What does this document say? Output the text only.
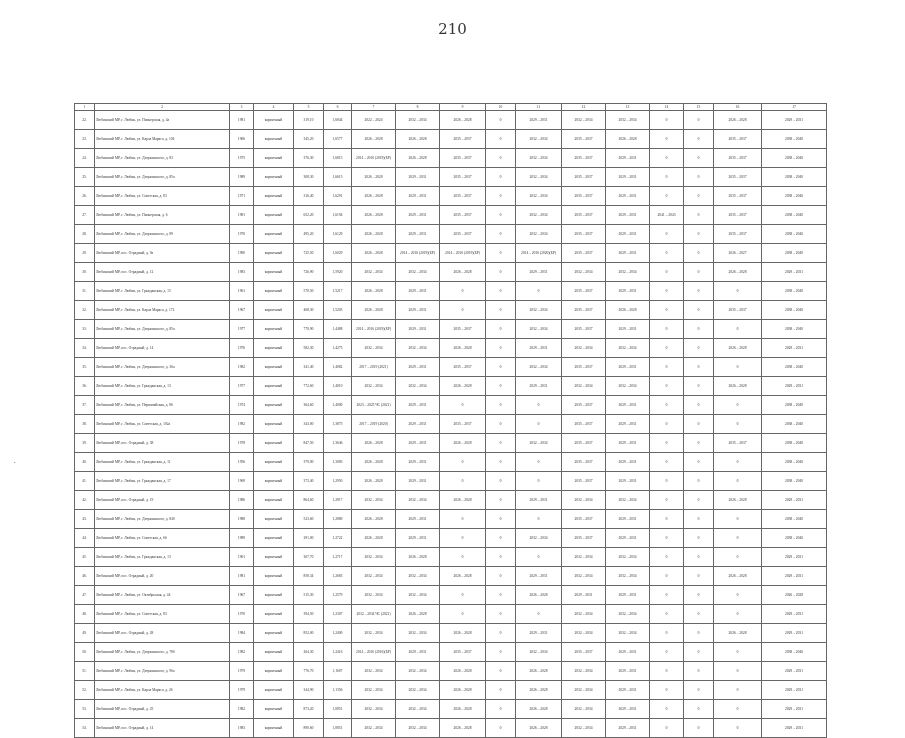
210
•
1	2	3	4	5	6	7	8	9	10	11	12	13	14	15	16	17
22.	Любинский МР, г. Любин, ул. Пионерская, д. 4а	1981	кирпичный	319,10	1,6844	2022 – 2024	2032 – 2034	2026 – 2028	0	2029 – 2031	2032 – 2034	2032 – 2034	0	0	2026 – 2028	2029 – 2031
23.	Любинский МР, г. Любин, ул. Карла Маркса, д. 104	1966	кирпичный	345,20	1,6577	2026 – 2028	2026 – 2028	2035 – 2037	0	2032 – 2034	2035 – 2037	2026 – 2028	0	0	2035 – 2037	2038 – 2040
24.	Любинский МР, г. Любин, ул. Дзержинского, д. 83	1975	кирпичный	376,30	1,6815	2014 – 2016 (2019)(БР)	2026 – 2028	2035 – 2037	0	2032 – 2034	2035 – 2037	2029 – 2031	0	0	2035 – 2037	2038 – 2040
25.	Любинский МР, г. Любин, ул. Дзержинского, д. 85а	1989	кирпичный	308,30	1,6615	2026 – 2028	2029 – 2031	2035 – 2037	0	2032 – 2034	2035 – 2037	2029 – 2031	0	0	2035 – 2037	2038 – 2040
26.	Любинский МР, г. Любин, ул. Советская, д. 83	1971	кирпичный	316,40	1,6291	2026 – 2028	2029 – 2031	2035 – 2037	0	2032 – 2034	2035 – 2037	2029 – 2031	0	0	2035 – 2037	2038 – 2040
27.	Любинский МР, г. Любин, ул. Пионерская, д. 6	1981	кирпичный	652,20	1,6194	2026 – 2028	2029 – 2031	2035 – 2037	0	2032 – 2034	2035 – 2037	2029 – 2031	2041 – 2043	0	2035 – 2037	2038 – 2040
28.	Любинский МР, г. Любин, ул. Дзержинского, д. 89	1970	кирпичный	495,20	1,6129	2026 – 2028	2029 – 2031	2035 – 2037	0	2032 – 2034	2035 – 2037	2029 – 2031	0	0	2035 – 2037	2038 – 2040
29.	Любинский МР, пос. Отрадный, д. 9а	1990	кирпичный	725,50	1,6029	2026 – 2028	2014 – 2016 (2019)(БР)	2014 – 2016 (2019)(БР)	0	2014 – 2016 (2020)(БР)	2035 – 2037	2029 – 2031	0	0	2026 – 2027	2038 – 2040
30.	Любинский МР, пос. Отрадный, д. 12	1983	кирпичный	726,90	1,5920	2032 – 2034	2032 – 2034	2026 – 2028	0	2029 – 2031	2032 – 2034	2032 – 2034	0	0	2026 – 2028	2029 – 2031
31.	Любинский МР, г. Любин, ул. Гражданская, д. 15	1961	кирпичный	570,50	1,5217	2026 – 2028	2029 – 2031	0	0	0	2035 – 2037	2029 – 2031	0	0	0	2038 – 2040
32.	Любинский МР, г. Любин, ул. Карла Маркса, д. 172	1967	кирпичный	468,30	1,5203	2026 – 2028	2029 – 2031	0	0	2032 – 2034	2035 – 2037	2026 – 2028	0	0	2035 – 2037	2038 – 2040
33.	Любинский МР, г. Любин, ул. Дзержинского, д. 85а	1977	кирпичный	770,90	1,4488	2014 – 2016 (2019)(БР)	2029 – 2031	2035 – 2037	0	2032 – 2034	2035 – 2037	2029 – 2031	0	0	0	2038 – 2040
34.	Любинский МР, пос. Отрадный, д. 14	1976	кирпичный	582,30	1,4275	2032 – 2034	2032 – 2034	2026 – 2028	0	2029 – 2031	2032 – 2034	2032 – 2034	0	0	2026 – 2028	2029 – 2031
35.	Любинский МР, г. Любин, ул. Дзержинского, д. 36а	1982	кирпичный	341,40	1,4082	2017 – 2019 (2021)	2029 – 2031	2035 – 2037	0	2032 – 2034	2035 – 2037	2029 – 2031	0	0	0	2038 – 2040
36.	Любинский МР, г. Любин, ул. Гражданская, д. 13	1977	кирпичный	772,60	1,4010	2032 – 2034	2032 – 2034	2026 – 2028	0	2029 – 2031	2032 – 2034	2032 – 2034	0	0	2026 – 2028	2029 – 2031
37.	Любинский МР, г. Любин, ул. Первомайская, д. 86	1974	кирпичный	364,60	1,4000	2023 – 2025 ЧС (2021)	2029 – 2031	0	0	0	2035 – 2037	2029 – 2031	0	0	0	2038 – 2040
38.	Любинский МР, г. Любин, ул. Советская, д. 102а	1982	кирпичный	343,00	1,3875	2017 – 2019 (2020)	2029 – 2031	2035 – 2037	0	0	2035 – 2037	2029 – 2031	0	0	0	2038 – 2040
39.	Любинский МР, пос. Отрадный, д. 38	1978	кирпичный	847,50	1,3646	2026 – 2028	2029 – 2031	2026 – 2028	0	2032 – 2034	2035 – 2037	2029 – 2031	0	0	2035 – 2037	2038 – 2040
40.	Любинский МР, г. Любин, ул. Гражданская, д. 11	1956	кирпичный	379,00	1,3083	2026 – 2028	2029 – 2031	0	0	0	2035 – 2037	2029 – 2031	0	0	0	2038 – 2040
41.	Любинский МР, г. Любин, ул. Гражданская, д. 17	1969	кирпичный	373,40	1,2950	2026 – 2028	2029 – 2031	0	0	0	2035 – 2037	2029 – 2031	0	0	0	2038 – 2040
42.	Любинский МР, пос. Отрадный, д. 19	1986	кирпичный	864,60	1,2917	2032 – 2034	2032 – 2034	2026 – 2028	0	2029 – 2031	2032 – 2034	2032 – 2034	0	0	2026 – 2028	2029 – 2031
43.	Любинский МР, г. Любин, ул. Дзержинского, д. 84б	1988	кирпичный	523,60	1,2880	2026 – 2028	2029 – 2031	0	0	0	2035 – 2037	2029 – 2031	0	0	0	2038 – 2040
44.	Любинский МР, г. Любин, ул. Советская, д. 66	1989	кирпичный	291,00	1,2722	2026 – 2028	2029 – 2031	0	0	2032 – 2034	2035 – 2037	2029 – 2031	0	0	0	2038 – 2040
45.	Любинский МР, г. Любин, ул. Гражданская, д. 13	1961	кирпичный	367,70	1,2717	2032 – 2034	2026 – 2028	0	0	0	2032 – 2034	2032 – 2034	0	0	0	2029 – 2031
46.	Любинский МР, пос. Отрадный, д. 20	1981	кирпичный	858,34	1,2683	2032 – 2034	2032 – 2034	2026 – 2028	0	2029 – 2031	2032 – 2034	2032 – 2034	0	0	2026 – 2028	2029 – 2031
47.	Любинский МР, г. Любин, ул. Октябрьская, д. 44	1967	кирпичный	515,30	1,2579	2032 – 2034	2032 – 2034	0	0	2026 – 2028	2029 – 2031	2029 – 2031	0	0	0	2026 – 2028
48.	Любинский МР, г. Любин, ул. Советская, д. 83	1970	кирпичный	394,50	1,2307	2032 – 2034 ЧС (2021)	2026 – 2028	0	0	0	2032 – 2034	2032 – 2034	0	0	0	2029 – 2031
49.	Любинский МР, пос. Отрадный, д. 28	1984	кирпичный	852,00	1,2400	2032 – 2034	2032 – 2034	2026 – 2028	0	2029 – 2031	2032 – 2034	2032 – 2034	0	0	2026 – 2028	2029 – 2031
50.	Любинский МР, г. Любин, ул. Дзержинского, д. 78б	1982	кирпичный	264,30	1,2416	2014 – 2016 (2016)(БР)	2029 – 2031	2035 – 2037	0	2032 – 2034	2035 – 2037	2029 – 2031	0	0	0	2038 – 2040
51.	Любинский МР, г. Любин, ул. Дзержинского, д. 96а	1979	кирпичный	776,70	1,1607	2032 – 2034	2032 – 2034	2026 – 2028	0	2026 – 2028	2032 – 2034	2029 – 2031	0	0	0	2029 – 2031
52.	Любинский МР, г. Любин, ул. Карла Маркса, д. 26	1979	кирпичный	344,90	1,1356	2032 – 2034	2032 – 2034	2026 – 2028	0	2026 – 2028	2032 – 2034	2029 – 2031	0	0	0	2029 – 2031
53.	Любинский МР, пос. Отрадный, д. 25	1982	кирпичный	873,20	1,0851	2032 – 2034	2032 – 2034	2026 – 2028	0	2026 – 2028	2032 – 2034	2029 – 2031	0	0	0	2029 – 2031
54.	Любинский МР, пос. Отрадный, д. 14	1983	кирпичный	890,60	1,0851	2032 – 2034	2032 – 2034	2026 – 2028	0	2026 – 2028	2032 – 2034	2029 – 2031	0	0	0	2029 – 2031
